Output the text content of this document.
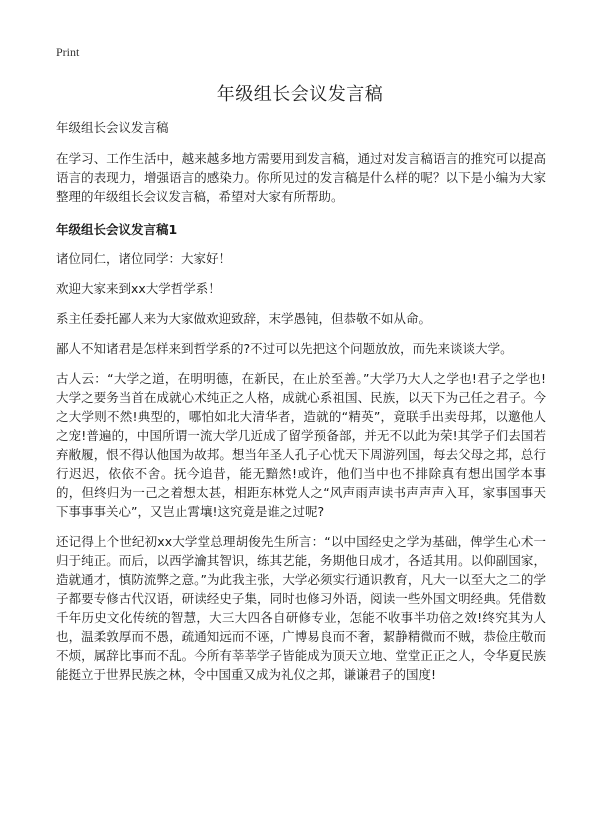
Print
年级组长会议发言稿

年级组长会议发言稿

在学习、工作生活中，越来越多地方需要用到发言稿，通过对发言稿语言的推究可以提高语言的表现力，增强语言的感染力。你所见过的发言稿是什么样的呢？以下是小编为大家整理的年级组长会议发言稿，希望对大家有所帮助。

年级组长会议发言稿1

诸位同仁，诸位同学：大家好！

欢迎大家来到xx大学哲学系！

系主任委托鄙人来为大家做欢迎致辞，末学愚钝，但恭敬不如从命。

鄙人不知诸君是怎样来到哲学系的?不过可以先把这个问题放放，而先来谈谈大学。

古人云：“大学之道，在明明德，在新民，在止於至善。”大学乃大人之学也!君子之学也!大学之要务当首在成就心术纯正之人格，成就心系祖国、民族，以天下为己任之君子。今之大学则不然!典型的，哪怕如北大清华者，造就的“精英”，竟联手出卖母邦，以邀他人之宠!普遍的，中国所谓一流大学几近成了留学预备部，并无不以此为荣!其学子们去国若弃敝履，恨不得认他国为故邦。想当年圣人孔子心忧天下周游列国，每去父母之邦，总行行迟迟，依依不舍。抚今追昔，能无黯然!或许，他们当中也不排除真有想出国学本事的，但终归为一己之着想太甚，相距东林党人之“风声雨声读书声声声入耳，家事国事天下事事事关心”，又岂止霄壤!这究竟是谁之过呢?

还记得上个世纪初xx大学堂总理胡俊先生所言：“以中国经史之学为基础，俾学生心术一归于纯正。而后，以西学瀹其智识，练其艺能，务期他日成才，各适其用。以仰副国家，造就通才，慎防流弊之意。”为此我主张，大学必须实行通识教育，凡大一以至大之二的学子都要专修古代汉语，研读经史子集，同时也修习外语，阅读一些外国文明经典。凭借数千年历史文化传统的智慧，大三大四各自研修专业，怎能不收事半功倍之效!终究其为人也，温柔敦厚而不愚，疏通知远而不诬，广博易良而不奢，絜静精微而不贼，恭俭庄敬而不烦，属辞比事而不乱。今所有莘莘学子皆能成为顶天立地、堂堂正正之人，令华夏民族能挺立于世界民族之林，令中国重又成为礼仪之邦，谦谦君子的国度!
